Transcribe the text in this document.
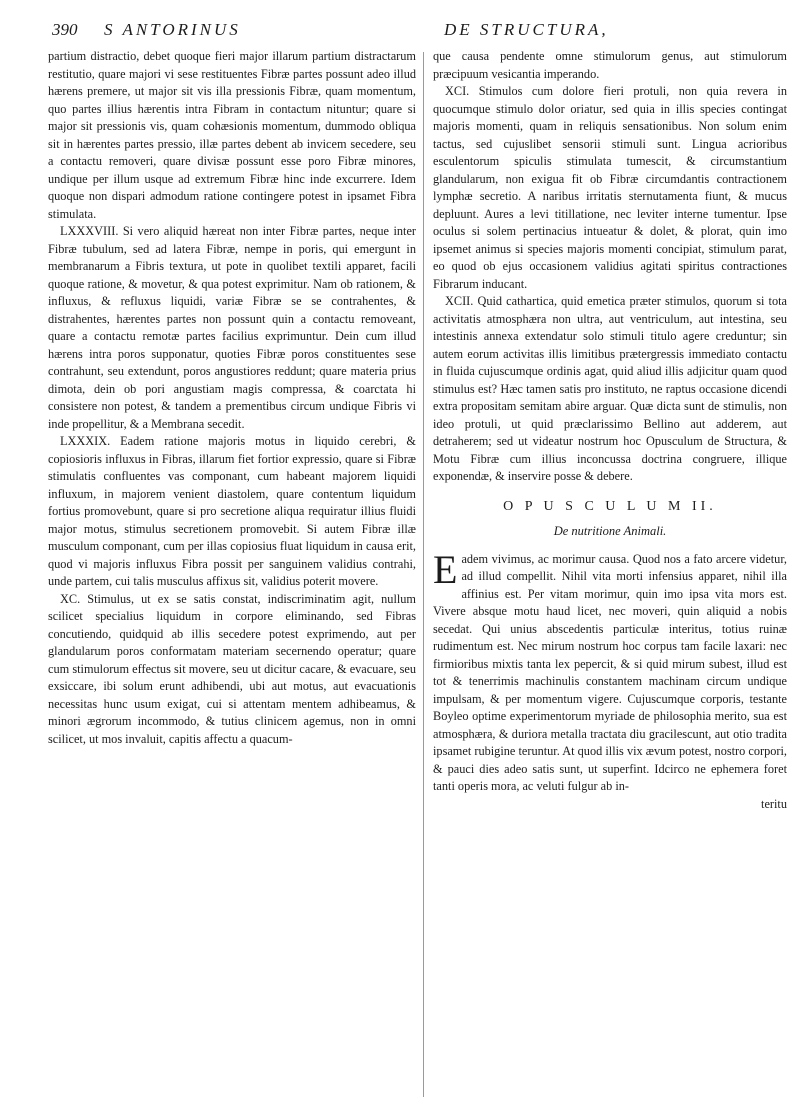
390 S ANTORINUS	DE STRUCTURA,

partium distractio, debet quoque fieri major illarum partium distractarum restitutio, quare majori vi sese restituentes Fibræ partes possunt adeo illud hærens premere, ut major sit vis illa pressionis Fibræ, quam momentum, quo partes illius hærentis intra Fibram in contactum nituntur; quare si major sit pressionis vis, quam cohæsionis momentum, dummodo obliqua sit in hærentes partes pressio, illæ partes debent ab invicem secedere, seu a contactu removeri, quare divisæ possunt esse poro Fibræ minores, undique per illum usque ad extremum Fibræ hinc inde excurrere. Idem quoque non dispari admodum ratione contingere potest in ipsamet Fibra stimulata.

LXXXVIII. Si vero aliquid hæreat non inter Fibræ partes, neque inter Fibræ tubulum, sed ad latera Fibræ, nempe in poris, qui emergunt in membranarum a Fibris textura, ut pote in quolibet textili apparet, facili quoque ratione, & movetur, & qua potest exprimitur. Nam ob rationem, & influxus, & refluxus liquidi, variæ Fibræ se se contrahentes, & distrahentes, hærentes partes non possunt quin a contactu removeant, quare a contactu remotæ partes facilius exprimuntur. Dein cum illud hærens intra poros supponatur, quoties Fibræ poros constituentes sese contrahunt, seu extendunt, poros angustiores reddunt; quare materia prius dimota, dein ob pori angustiam magis compressa, & coarctata hi consistere non potest, & tandem a prementibus circum undique Fibris vi inde propellitur, & a Membrana secedit.

LXXXIX. Eadem ratione majoris motus in liquido cerebri, & copiosioris influxus in Fibras, illarum fiet fortior expressio, quare si Fibræ stimulatis confluentes vas componant, cum habeant majorem liquidi influxum, in majorem venient diastolem, quare contentum liquidum fortius promovebunt, quare si pro secretione aliqua requiratur illius fluidi major motus, stimulus secretionem promovebit. Si autem Fibræ illæ musculum componant, cum per illas copiosius fluat liquidum in causa erit, quod vi majoris influxus Fibra possit per sanguinem validius contrahi, unde partem, cui talis musculus affixus sit, validius poterit movere.

XC. Stimulus, ut ex se satis constat, indiscriminatim agit, nullum scilicet specialius liquidum in corpore eliminando, sed Fibras concutiendo, quidquid ab illis secedere potest exprimendo, aut per glandularum poros conformatam materiam secernendo operatur; quare cum stimulorum effectus sit movere, seu ut dicitur cacare, & evacuare, seu exsiccare, ibi solum erunt adhibendi, ubi aut motus, aut evacuationis necessitas hunc usum exigat, cui si attentam mentem adhibeamus, & minori ægrorum incommodo, & tutius clinicem agemus, non in omni scilicet, ut mos invaluit, capitis affectu a quacum-

que causa pendente omne stimulorum genus, aut stimulorum præcipuum vesicantia imperando.

XCI. Stimulos cum dolore fieri protuli, non quia revera in quocumque stimulo dolor oriatur, sed quia in illis species contingat majoris momenti, quam in reliquis sensationibus. Non solum enim tactus, sed cujuslibet sensorii stimuli sunt. Lingua acrioribus esculentorum spiculis stimulata tumescit, & circumstantium glandularum, non exigua fit ob Fibræ circumdantis contractionem lymphæ secretio. A naribus irritatis sternutamenta fiunt, & mucus depluunt. Aures a levi titillatione, nec leviter interne tumentur. Ipse oculus si solem pertinacius intueatur & dolet, & plorat, quin imo ipsemet animus si species majoris momenti concipiat, stimulum parat, eo quod ob ejus occasionem validius agitati spiritus contractiones Fibrarum inducant.

XCII. Quid cathartica, quid emetica præter stimulos, quorum si tota activitatis atmosphæra non ultra, aut ventriculum, aut intestina, seu intestinis annexa extendatur solo stimuli titulo agere creduntur; sin autem eorum activitas illis limitibus prætergressis immediato contactu in fluida cujuscumque ordinis agat, quid aliud illis adjicitur quam quod stimulus est? Hæc tamen satis pro instituto, ne raptus occasione dicendi extra propositam semitam abire arguar. Quæ dicta sunt de stimulis, non ideo protuli, ut quid præclarissimo Bellino aut adderem, aut detraherem; sed ut videatur nostrum hoc Opusculum de Structura, & Motu Fibræ cum illius inconcussa doctrina congruere, illique exponendæ, & inservire posse & debere.

O P U S C U L U M II.
De nutritione Animali.

Eadem vivimus, ac morimur causa. Quod nos a fato arcere videtur, ad illud compellit. Nihil vita morti infensius apparet, nihil illa affinius est. Per vitam morimur, quin imo ipsa vita mors est. Vivere absque motu haud licet, nec moveri, quin aliquid a nobis secedat. Qui unius abscedentis particulæ interitus, totius ruinæ rudimentum est. Nec mirum nostrum hoc corpus tam facile laxari: nec firmioribus mixtis tanta lex pepercit, & si quid mirum subest, illud est tot & tenerrimis machinulis constantem machinam circum undique impulsam, & per momentum vigere. Cujuscumque corporis, testante Boyleo optime experimentorum myriade de philosophia merito, sua est atmosphæra, & duriora metalla tractata diu gracilescunt, aut otio tradita ipsamet rubigine teruntur. At quod illis vix ævum potest, nostro corpori, & pauci dies adeo satis sunt, ut superfint. Idcirco ne ephemera foret tanti operis mora, ac veluti fulgur ab in-

teritu
